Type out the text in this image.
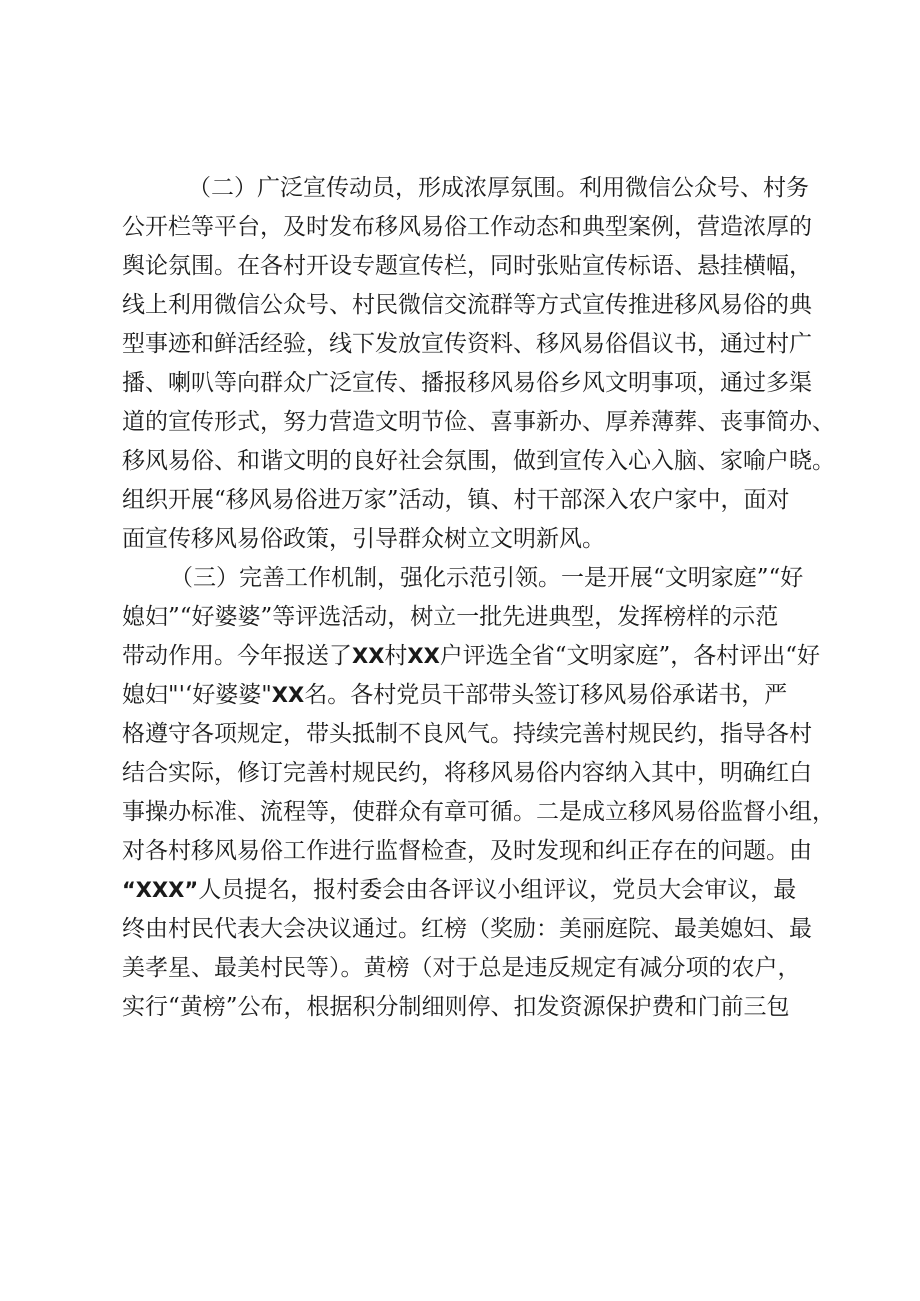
（二）广泛宣传动员，形成浓厚氛围。利用微信公众号、村务
公开栏等平台，及时发布移风易俗工作动态和典型案例，营造浓厚的
舆论氛围。在各村开设专题宣传栏，同时张贴宣传标语、悬挂横幅，
线上利用微信公众号、村民微信交流群等方式宣传推进移风易俗的典
型事迹和鲜活经验，线下发放宣传资料、移风易俗倡议书，通过村广
播、喇叭等向群众广泛宣传、播报移风易俗乡风文明事项，通过多渠
道的宣传形式，努力营造文明节俭、喜事新办、厚养薄葬、丧事简办、
移风易俗、和谐文明的良好社会氛围，做到宣传入心入脑、家喻户晓。
组织开展“移风易俗进万家”活动，镇、村干部深入农户家中，面对
面宣传移风易俗政策，引导群众树立文明新风。
（三）完善工作机制，强化示范引领。一是开展“文明家庭”“好
媳妇”“好婆婆”等评选活动，树立一批先进典型，发挥榜样的示范
带动作用。今年报送了XX村XX户评选全省“文明家庭”，各村评出“好
媳妇"'‘好婆婆"XX名。各村党员干部带头签订移风易俗承诺书，严
格遵守各项规定，带头抵制不良风气。持续完善村规民约，指导各村
结合实际，修订完善村规民约，将移风易俗内容纳入其中，明确红白
事操办标准、流程等，使群众有章可循。二是成立移风易俗监督小组，
对各村移风易俗工作进行监督检查，及时发现和纠正存在的问题。由
“XXX”人员提名，报村委会由各评议小组评议，党员大会审议，最
终由村民代表大会决议通过。红榜（奖励：美丽庭院、最美媳妇、最
美孝星、最美村民等）。黄榜（对于总是违反规定有减分项的农户，
实行“黄榜”公布，根据积分制细则停、扣发资源保护费和门前三包
